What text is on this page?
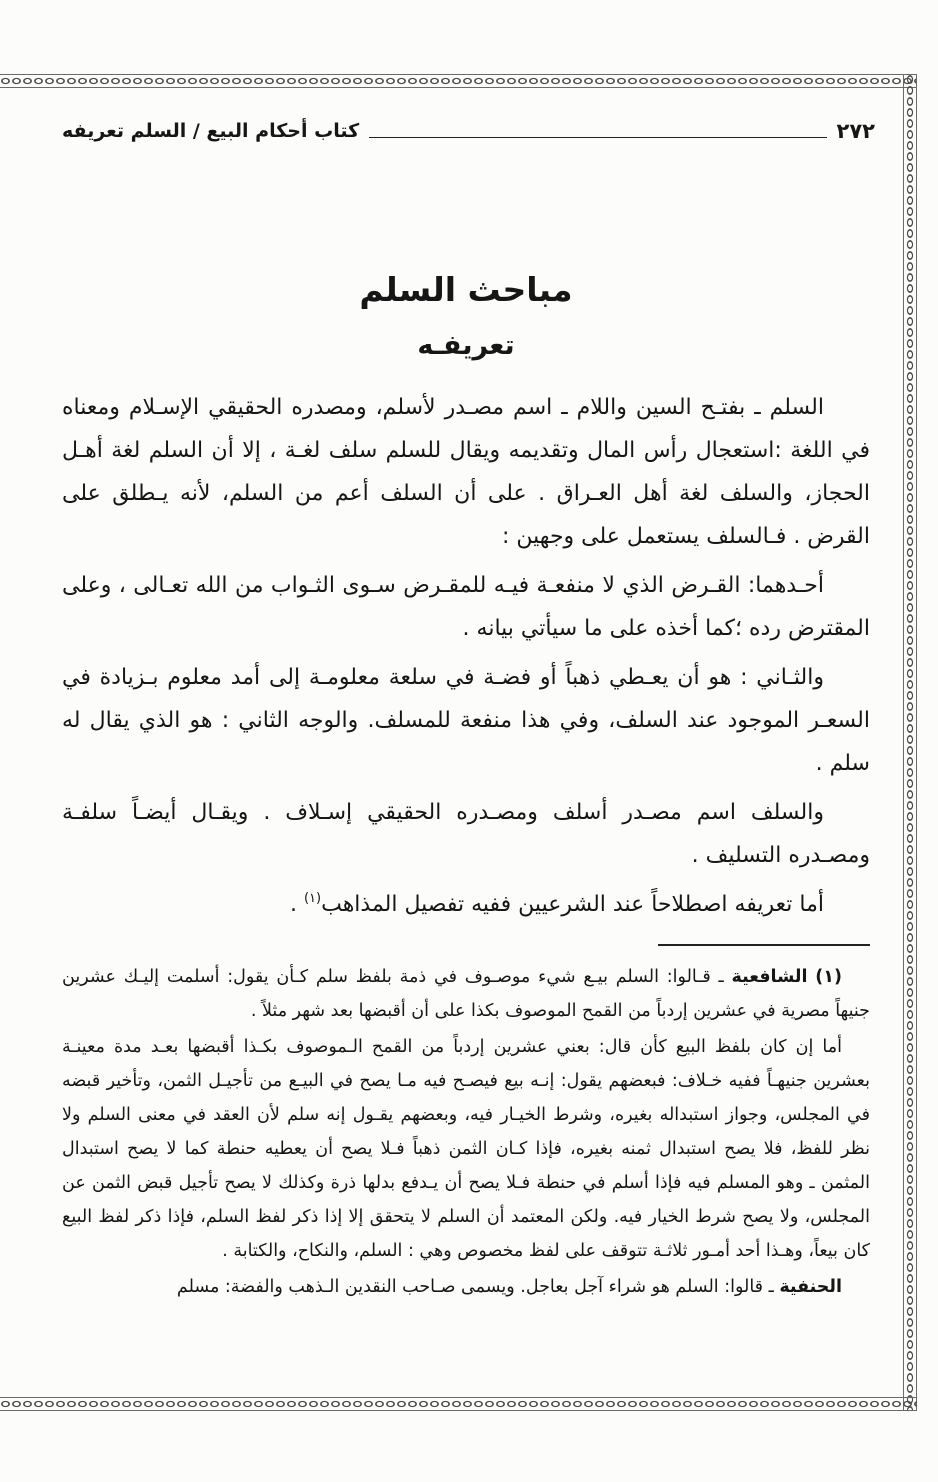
٢٧٢
كتاب أحكام البيع / السلم تعريفه
مباحث السلم
تعريفـه

السلم ـ بفتـح السين واللام ـ اسم مصـدر لأسلم، ومصدره الحقيقي الإسـلام ومعناه في اللغة :استعجال رأس المال وتقديمه ويقال للسلم سلف لغـة ، إلا أن السلم لغة أهـل الحجاز، والسلف لغة أهل العـراق . على أن السلف أعم من السلم، لأنه يـطلق على القرض . فـالسلف يستعمل على وجهين :

أحـدهما: القـرض الذي لا منفعـة فيـه للمقـرض سـوى الثـواب من الله تعـالى ، وعلى المقترض رده ؛كما أخذه على ما سيأتي بيانه .

والثـاني : هو أن يعـطي ذهباً أو فضـة في سلعة معلومـة إلى أمد معلوم بـزيادة في السعـر الموجود عند السلف، وفي هذا منفعة للمسلف. والوجه الثاني : هو الذي يقال له سلم .

والسلف اسم مصـدر أسلف ومصـدره الحقيقي إسـلاف . ويقـال أيضـاً سلفـة ومصـدره التسليف .

أما تعريفه اصطلاحاً عند الشرعيين ففيه تفصيل المذاهب$^{(١)}$ .

(١) الشافعية ـ قـالوا: السلم بيـع شيء موصـوف في ذمة بلفظ سلم كـأن يقول: أسلمت إليـك عشرين جنيهاً مصرية في عشرين إردباً من القمح الموصوف بكذا على أن أقبضها بعد شهر مثلاً .

أما إن كان بلفظ البيع كأن قال: بعني عشرين إردباً من القمح الـموصوف بكـذا أقبضها بعـد مدة معينـة بعشرين جنيهـاً ففيه خـلاف: فبعضهم يقول: إنـه بيع فيصـح فيه مـا يصح في البيـع من تأجيـل الثمن، وتأخير قبضه في المجلس، وجواز استبداله بغيره، وشرط الخيـار فيه، وبعضهم يقـول إنه سلم لأن العقد في معنى السلم ولا نظر للفظ، فلا يصح استبدال ثمنه بغيره، فإذا كـان الثمن ذهباً فـلا يصح أن يعطيه حنطة كما لا يصح استبدال المثمن ـ وهو المسلم فيه فإذا أسلم في حنطة فـلا يصح أن يـدفع بدلها ذرة وكذلك لا يصح تأجيل قبض الثمن عن المجلس، ولا يصح شرط الخيار فيه. ولكن المعتمد أن السلم لا يتحقق إلا إذا ذكر لفظ السلم، فإذا ذكر لفظ البيع كان بيعاً، وهـذا أحد أمـور ثلاثـة تتوقف على لفظ مخصوص وهي : السلم، والنكاح، والكتابة .

الحنفية ـ قالوا: السلم هو شراء آجل بعاجل. ويسمى صـاحب النقدين الـذهب والفضة: مسلم
